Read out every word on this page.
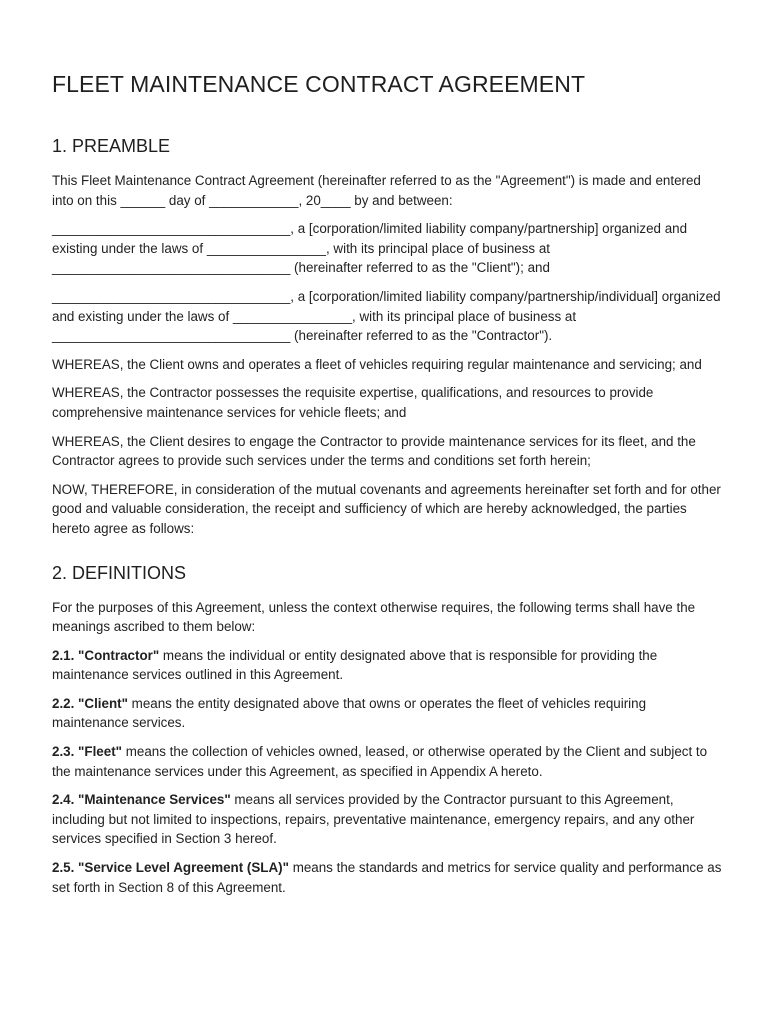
FLEET MAINTENANCE CONTRACT AGREEMENT
1. PREAMBLE

This Fleet Maintenance Contract Agreement (hereinafter referred to as the "Agreement") is made and entered into on this ______ day of ____________, 20____ by and between:

________________________________, a [corporation/limited liability company/partnership] organized and existing under the laws of ________________, with its principal place of business at ________________________________ (hereinafter referred to as the "Client"); and

________________________________, a [corporation/limited liability company/partnership/individual] organized and existing under the laws of ________________, with its principal place of business at ________________________________ (hereinafter referred to as the "Contractor").

WHEREAS, the Client owns and operates a fleet of vehicles requiring regular maintenance and servicing; and

WHEREAS, the Contractor possesses the requisite expertise, qualifications, and resources to provide comprehensive maintenance services for vehicle fleets; and

WHEREAS, the Client desires to engage the Contractor to provide maintenance services for its fleet, and the Contractor agrees to provide such services under the terms and conditions set forth herein;

NOW, THEREFORE, in consideration of the mutual covenants and agreements hereinafter set forth and for other good and valuable consideration, the receipt and sufficiency of which are hereby acknowledged, the parties hereto agree as follows:

2. DEFINITIONS

For the purposes of this Agreement, unless the context otherwise requires, the following terms shall have the meanings ascribed to them below:

2.1. "Contractor" means the individual or entity designated above that is responsible for providing the maintenance services outlined in this Agreement.

2.2. "Client" means the entity designated above that owns or operates the fleet of vehicles requiring maintenance services.

2.3. "Fleet" means the collection of vehicles owned, leased, or otherwise operated by the Client and subject to the maintenance services under this Agreement, as specified in Appendix A hereto.

2.4. "Maintenance Services" means all services provided by the Contractor pursuant to this Agreement, including but not limited to inspections, repairs, preventative maintenance, emergency repairs, and any other services specified in Section 3 hereof.

2.5. "Service Level Agreement (SLA)" means the standards and metrics for service quality and performance as set forth in Section 8 of this Agreement.
